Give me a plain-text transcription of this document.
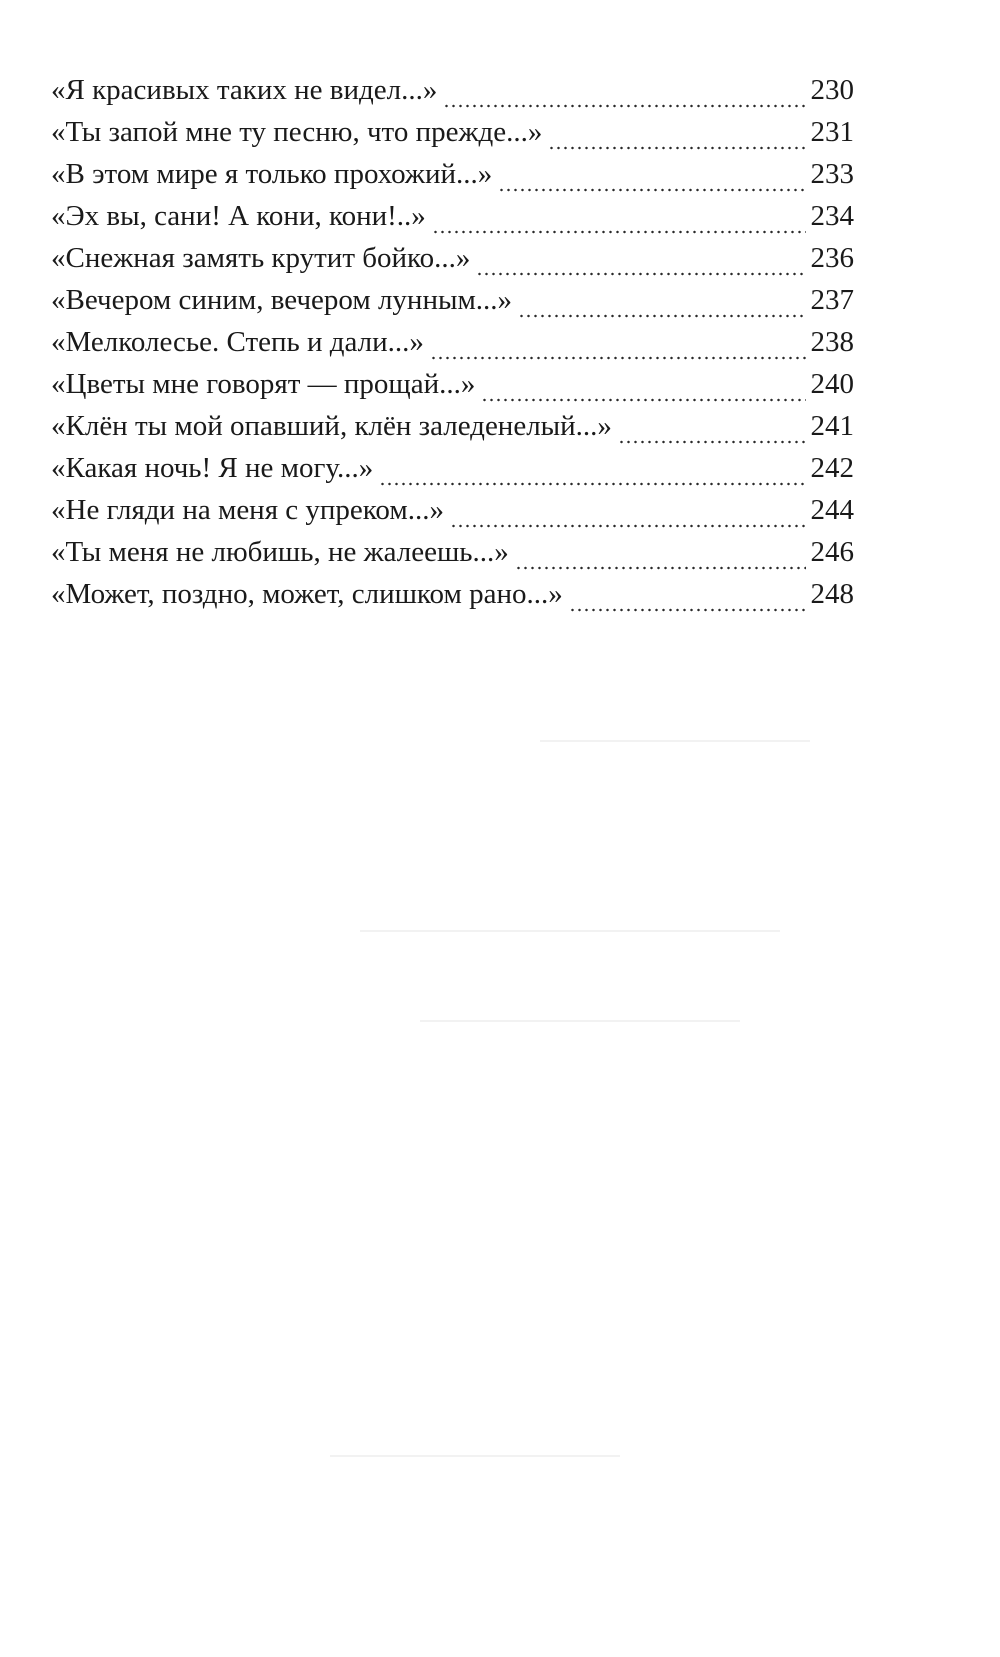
«Я красивых таких не видел...»	230
«Ты запой мне ту песню, что прежде...»	231
«В этом мире я только прохожий...»	233
«Эх вы, сани! А кони, кони!..»	234
«Снежная замять крутит бойко...»	236
«Вечером синим, вечером лунным...»	237
«Мелколесье. Степь и дали...»	238
«Цветы мне говорят — прощай...»	240
«Клён ты мой опавший, клён заледенелый...»	241
«Какая ночь! Я не могу...»	242
«Не гляди на меня с упреком...»	244
«Ты меня не любишь, не жалеешь...»	246
«Может, поздно, может, слишком рано...»	248
